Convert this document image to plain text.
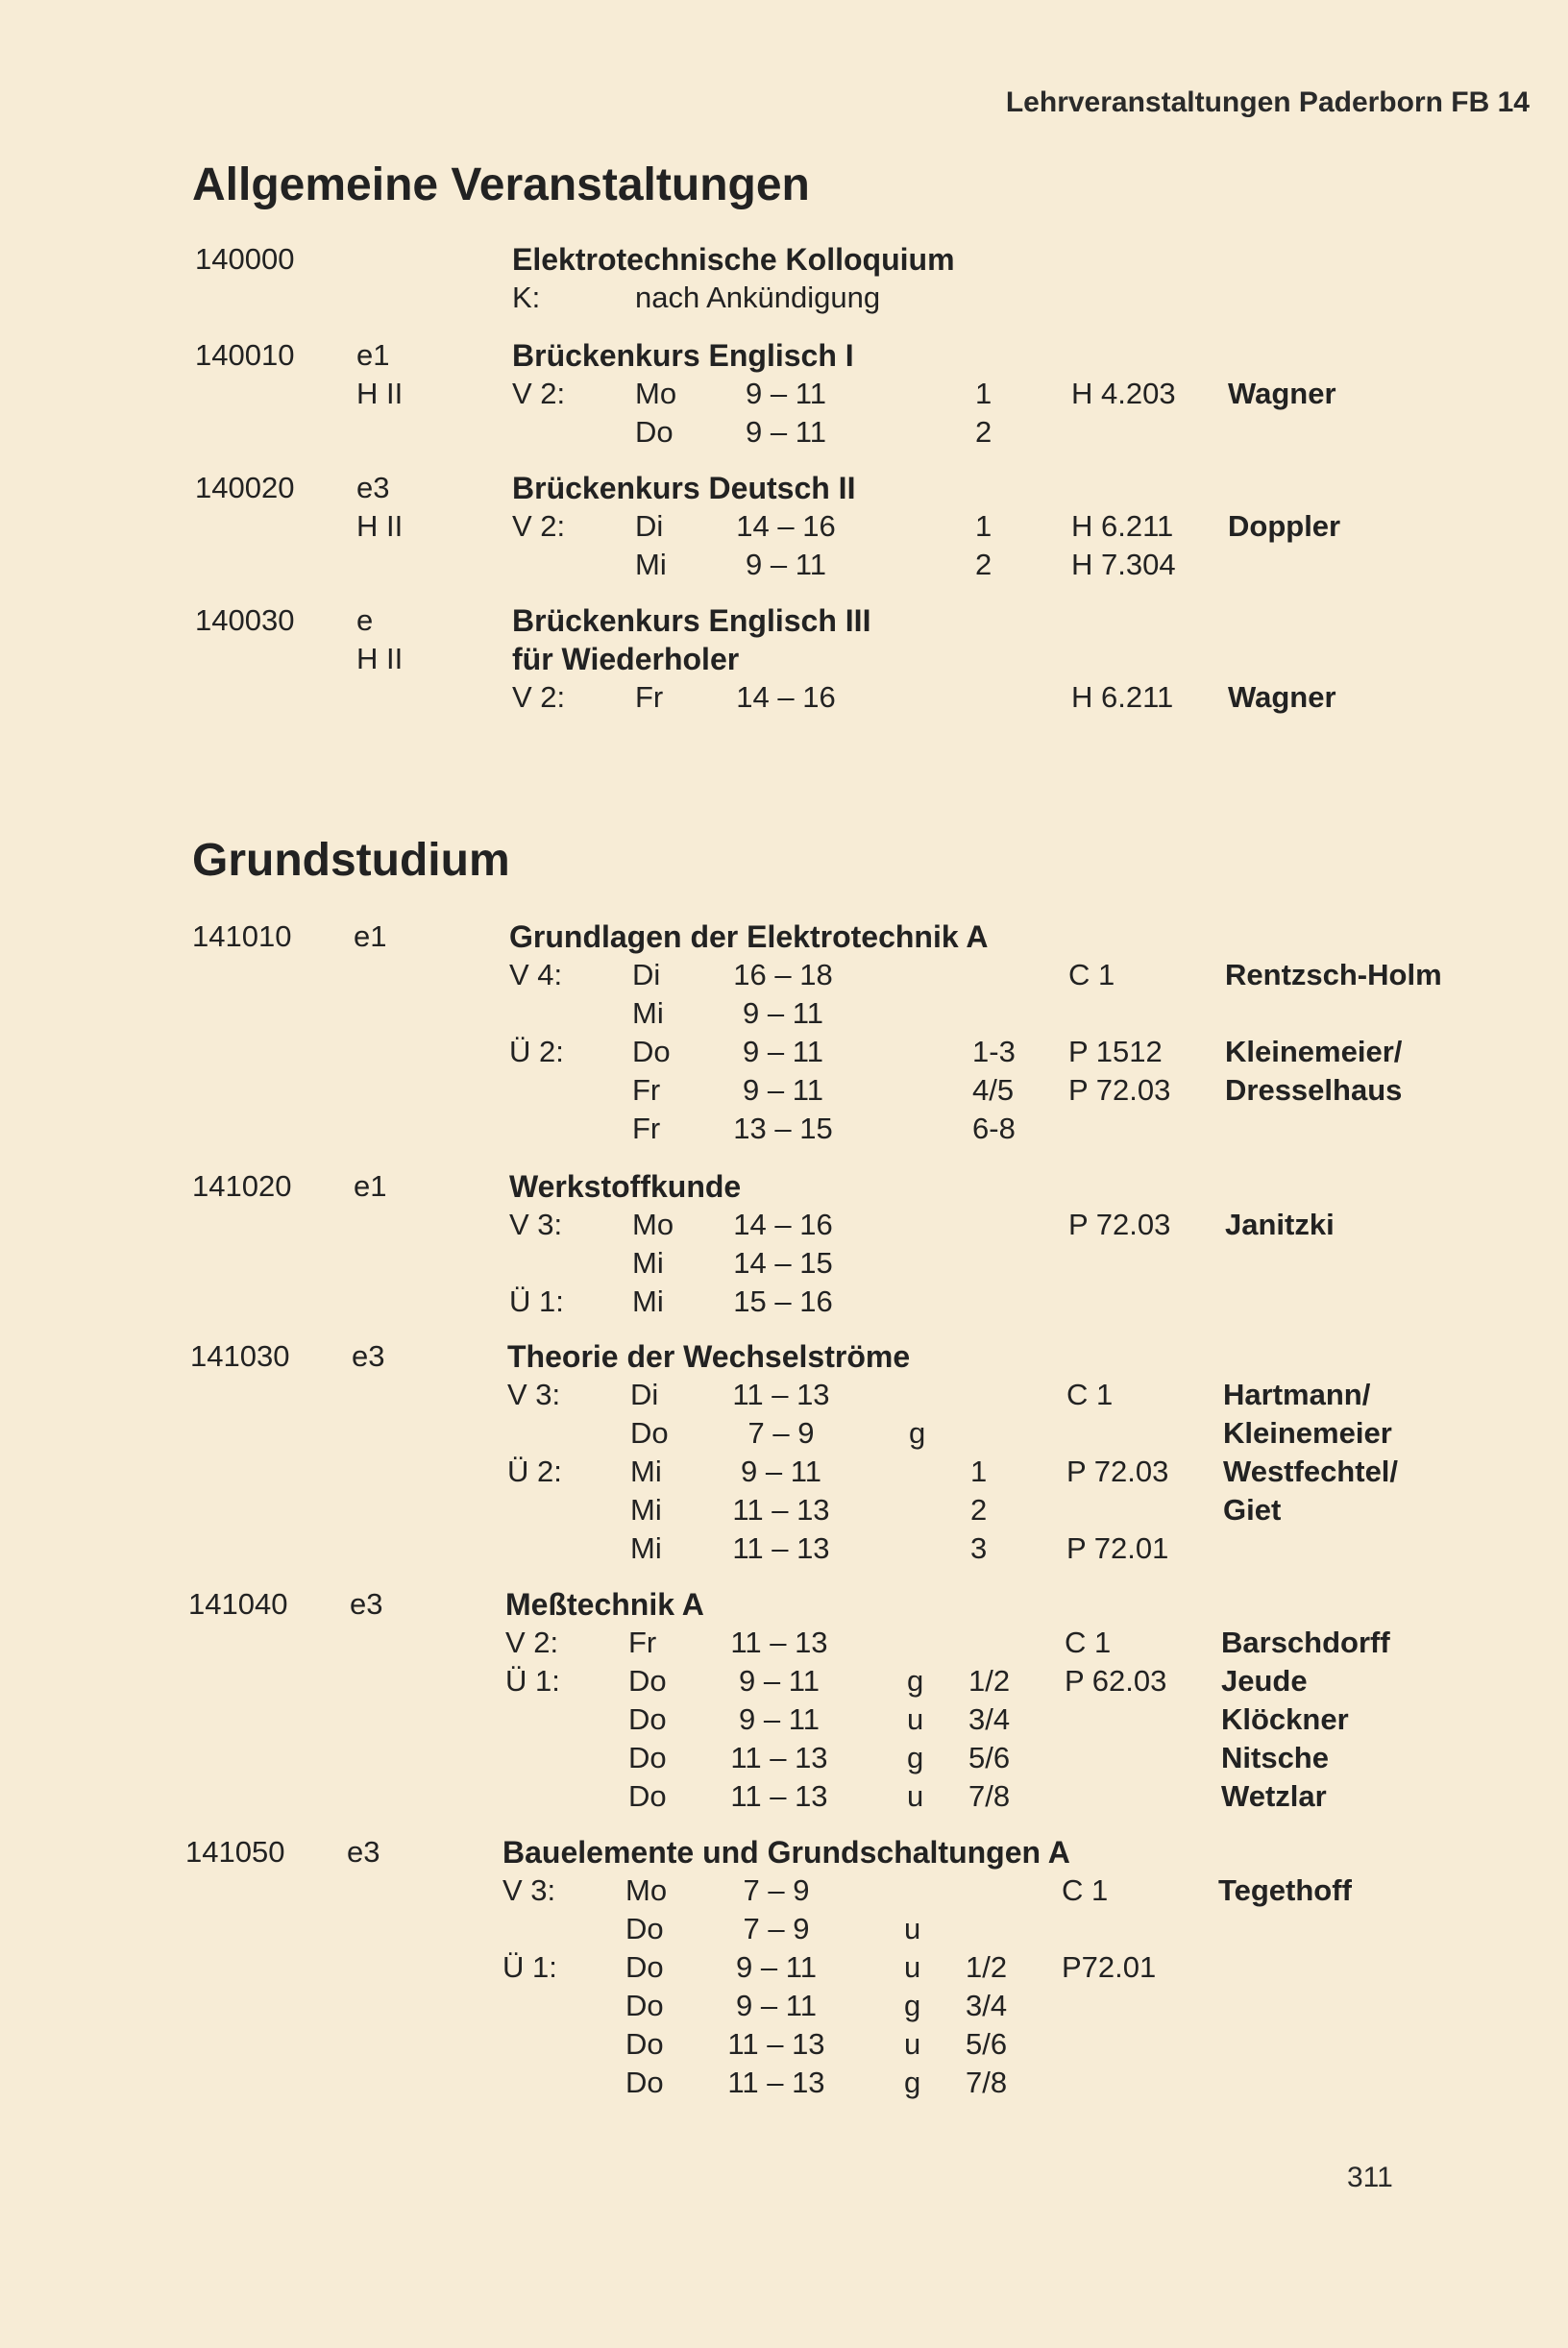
Lehrveranstaltungen Paderborn FB 14
Allgemeine Veranstaltungen
Grundstudium
140000	Elektrotechnische Kolloquium
K:	nach Ankündigung
140010 e1	Brückenkurs Englisch I
H II	V 2: Mo	9 – 11	1	H 4.203 Wagner
Do	9 – 11	2
140020 e3	Brückenkurs Deutsch II
H II	V 2: Di	14 – 16	1	H 6.211 Doppler
Mi	9 – 11	2	H 7.304
140030 e	Brückenkurs Englisch III
H II	für Wiederholer
V 2: Fr	14 – 16	H 6.211 Wagner
141010 e1	Grundlagen der Elektrotechnik A
V 4: Di	16 – 18	C 1	Rentzsch-Holm
Mi	9 – 11
Ü 2: Do	9 – 11	1-3 P 1512 Kleinemeier/
Fr	9 – 11	4/5 P 72.03 Dresselhaus
Fr	13 – 15	6-8
141020 e1	Werkstoffkunde
V 3: Mo	14 – 16	P 72.03 Janitzki
Mi	14 – 15
Ü 1: Mi	15 – 16
141030 e3	Theorie der Wechselströme
V 3: Di	11 – 13	C 1	Hartmann/
Do	7 – 9	g	Kleinemeier
Ü 2: Mi	9 – 11	1	P 72.03 Westfechtel/
Mi	11 – 13	2	Giet
Mi	11 – 13	3	P 72.01
141040 e3	Meßtechnik A
V 2: Fr	11 – 13	C 1	Barschdorff
Ü 1: Do	9 – 11	g 1/2 P 62.03 Jeude
Do	9 – 11	u 3/4	Klöckner
Do	11 – 13	g 5/6	Nitsche
Do	11 – 13	u 7/8	Wetzlar
141050 e3	Bauelemente und Grundschaltungen A
V 3: Mo	7 – 9	C 1	Tegethoff
Do	7 – 9	u
Ü 1: Do	9 – 11	u 1/2 P72.01
Do	9 – 11	g 3/4
Do	11 – 13	u 5/6
Do	11 – 13	g 7/8
311
